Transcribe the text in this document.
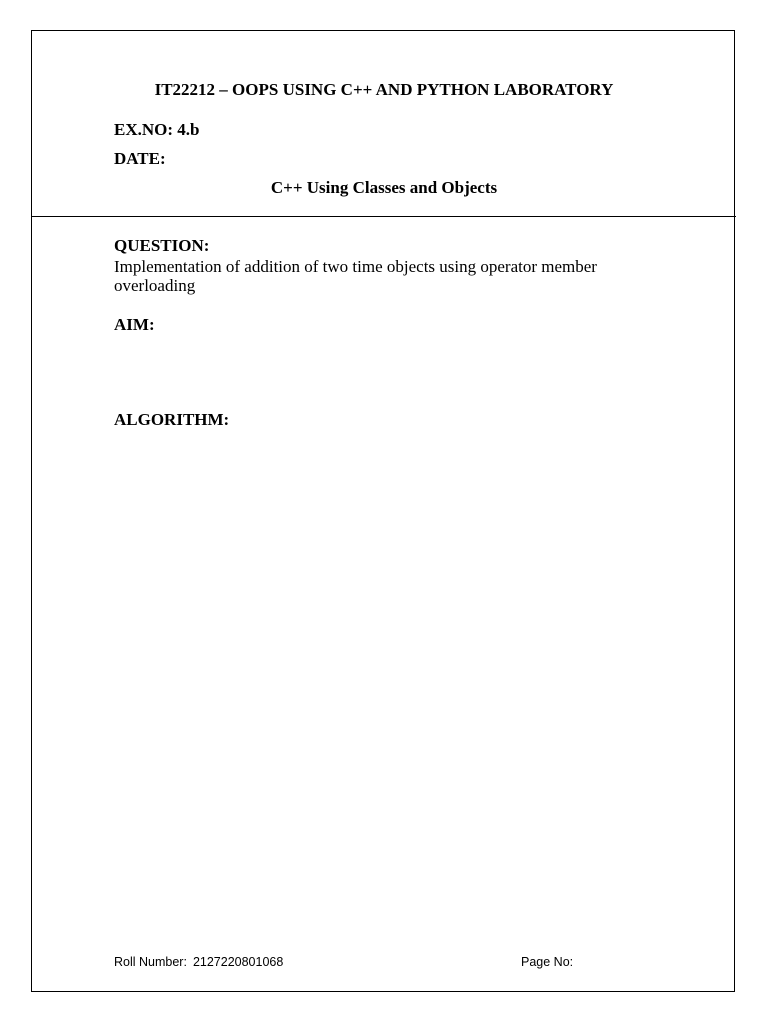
IT22212 – OOPS USING C++ AND PYTHON LABORATORY
EX.NO: 4.b
DATE:
C++ Using Classes and Objects
QUESTION:
Implementation of addition of two time objects using operator member overloading
AIM:
ALGORITHM:
Roll Number: 2127220801068	Page No:
